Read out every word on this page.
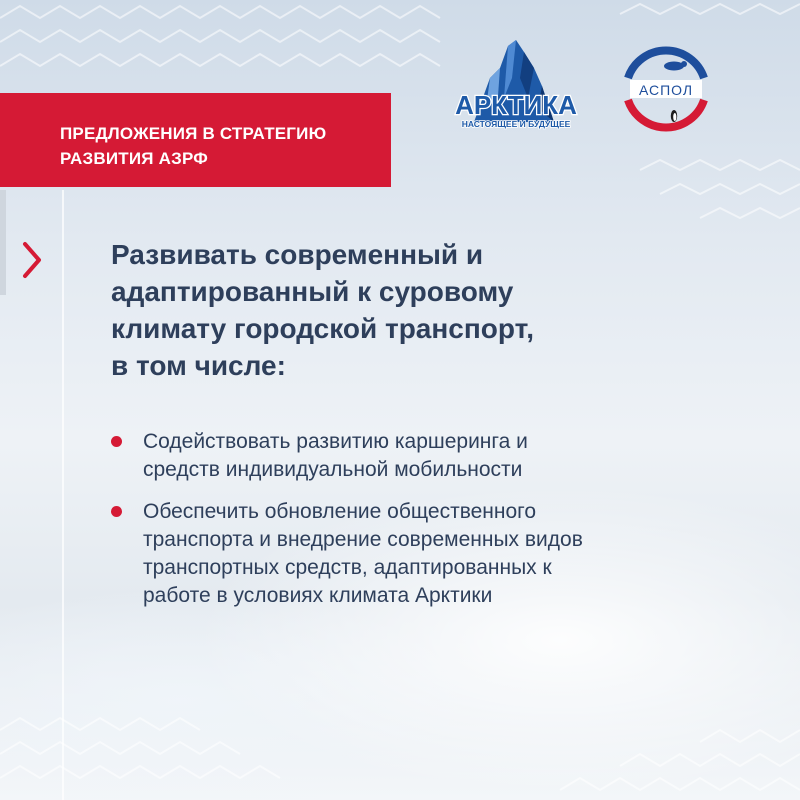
ПРЕДЛОЖЕНИЯ В СТРАТЕГИЮ
РАЗВИТИЯ АЗРФ
АРКТИКА
НАСТОЯЩЕЕ И БУДУЩЕЕ
АСПОЛ
Развивать современный и
адаптированный к суровому
климату городской транспорт,
в том числе:
Содействовать развитию каршеринга и
средств индивидуальной мобильности
Обеспечить обновление общественного
транспорта и внедрение современных видов
транспортных средств, адаптированных к
работе в условиях климата Арктики
